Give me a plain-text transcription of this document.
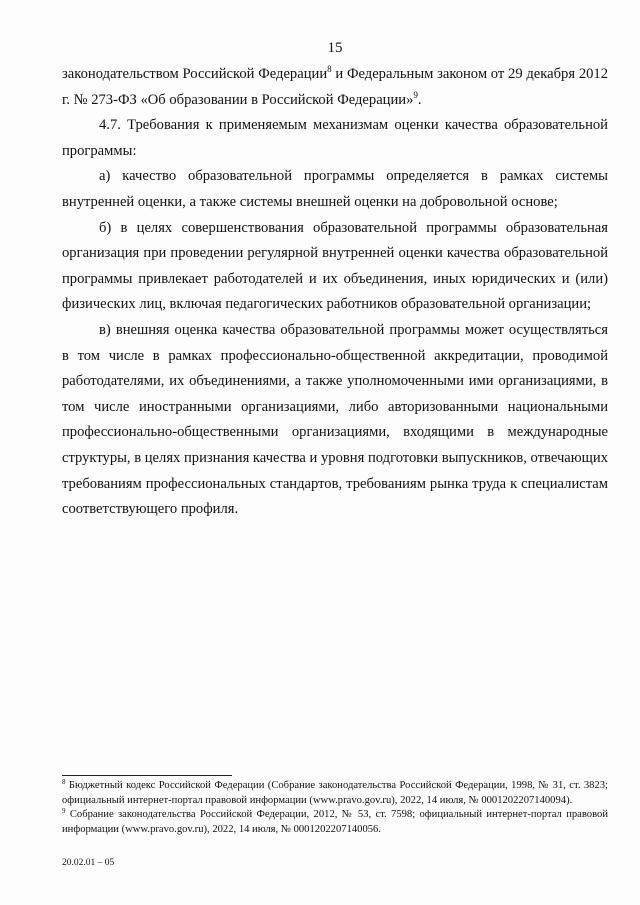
15

законодательством Российской Федерации$^8$ и Федеральным законом от 29 декабря 2012 г. № 273-ФЗ «Об образовании в Российской Федерации»$^9$.

4.7. Требования к применяемым механизмам оценки качества образовательной программы:

а) качество образовательной программы определяется в рамках системы внутренней оценки, а также системы внешней оценки на добровольной основе;

б) в целях совершенствования образовательной программы образовательная организация при проведении регулярной внутренней оценки качества образовательной программы привлекает работодателей и их объединения, иных юридических и (или) физических лиц, включая педагогических работников образовательной организации;

в) внешняя оценка качества образовательной программы может осуществляться в том числе в рамках профессионально-общественной аккредитации, проводимой работодателями, их объединениями, а также уполномоченными ими организациями, в том числе иностранными организациями, либо авторизованными национальными профессионально-общественными организациями, входящими в международные структуры, в целях признания качества и уровня подготовки выпускников, отвечающих требованиям профессиональных стандартов, требованиям рынка труда к специалистам соответствующего профиля.

$^8$ Бюджетный кодекс Российской Федерации (Собрание законодательства Российской Федерации, 1998, № 31, ст. 3823; официальный интернет-портал правовой информации (www.pravo.gov.ru), 2022, 14 июля, № 0001202207140094).

$^9$ Собрание законодательства Российской Федерации, 2012, № 53, ст. 7598; официальный интернет-портал правовой информации (www.pravo.gov.ru), 2022, 14 июля, № 0001202207140056.

20.02.01 – 05
